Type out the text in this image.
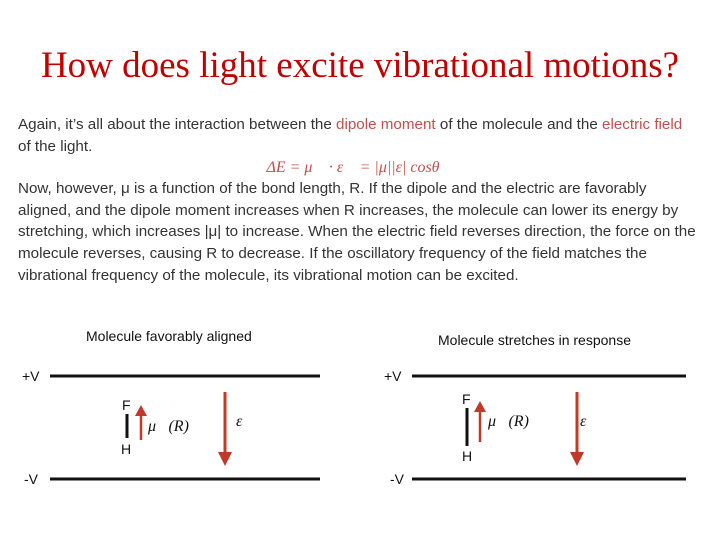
How does light excite vibrational motions?
Again, it’s all about the interaction between the dipole moment of the molecule and the electric field of the light.
ΔE = μ⃗ · ε⃗ = |μ||ε| cosθ
Now, however, μ is a function of the bond length, R. If the dipole and the electric are favorably aligned, and the dipole moment increases when R increases, the molecule can lower its energy by stretching, which increases |μ| to increase. When the electric field reverses direction, the force on the molecule reverses, causing R to decrease. If the oscillatory frequency of the field matches the vibrational frequency of the molecule, its vibrational motion can be excited.
Molecule favorably aligned
+V
-V
F
H
μ⃗(R)	ε⃗
Molecule stretches in response
+V
-V
F
H
μ⃗(R)	ε⃗
